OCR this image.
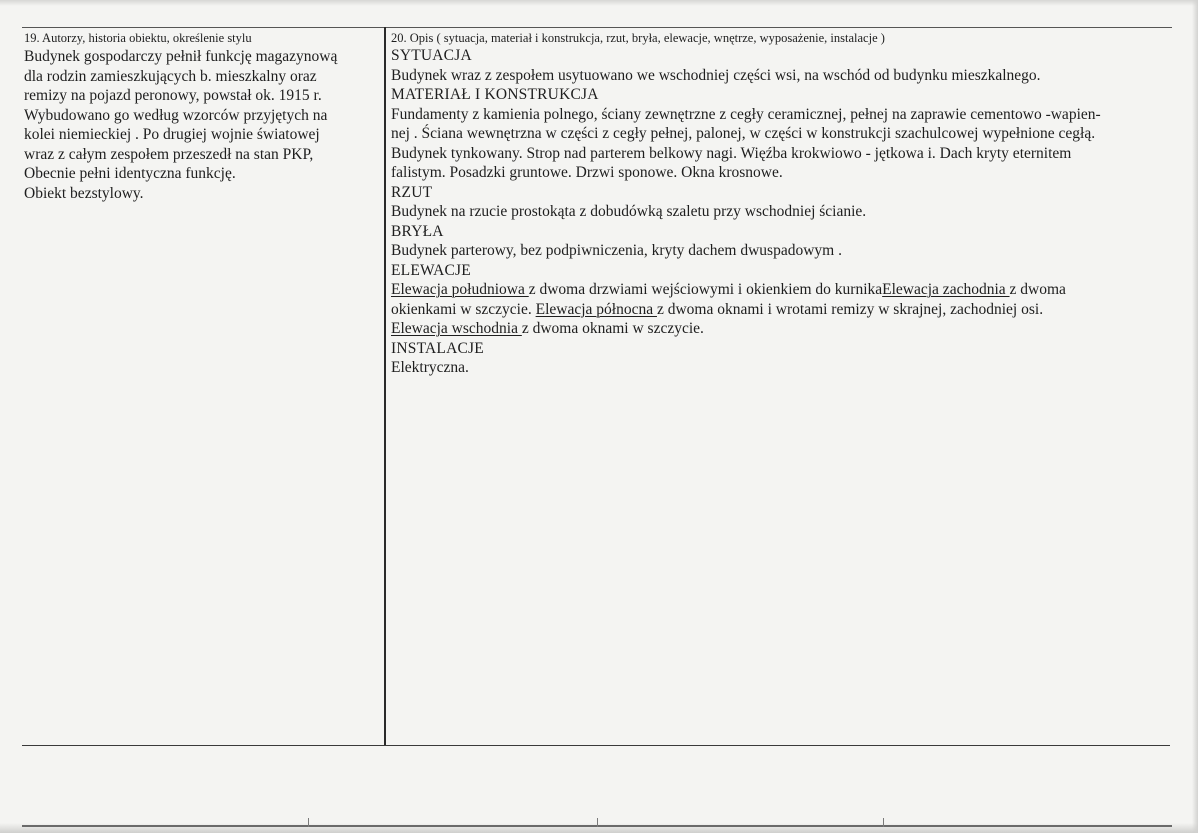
19. Autorzy, historia obiektu, określenie stylu

Budynek gospodarczy pełnił funkcję magazynową

dla rodzin zamieszkujących b. mieszkalny oraz

remizy na pojazd peronowy, powstał ok. 1915 r.

Wybudowano go według wzorców przyjętych na

kolei niemieckiej . Po drugiej wojnie światowej

wraz z całym zespołem przeszedł na stan PKP,

Obecnie pełni identyczna funkcję.

Obiekt bezstylowy.

20. Opis ( sytuacja, materiał i konstrukcja, rzut, bryła, elewacje, wnętrze, wyposażenie, instalacje )

SYTUACJA

Budynek wraz z zespołem usytuowano we wschodniej części wsi, na wschód od budynku mieszkalnego.

MATERIAŁ I KONSTRUKCJA

Fundamenty z kamienia polnego, ściany zewnętrzne z cegły ceramicznej, pełnej na zaprawie cementowo -wapien-

nej . Ściana wewnętrzna w części z cegły pełnej, palonej, w części w konstrukcji szachulcowej wypełnione cegłą.

Budynek tynkowany. Strop nad parterem belkowy nagi. Więźba krokwiowo - jętkowa i. Dach kryty eternitem

falistym. Posadzki gruntowe. Drzwi sponowe. Okna krosnowe.

RZUT

Budynek na rzucie prostokąta z dobudówką szaletu przy wschodniej ścianie.

BRYŁA

Budynek parterowy, bez podpiwniczenia, kryty dachem dwuspadowym .

ELEWACJE

Elewacja południowa z dwoma drzwiami wejściowymi i okienkiem do kurnikaElewacja zachodnia z dwoma

okienkami w szczycie. Elewacja północna z dwoma oknami i wrotami remizy w skrajnej, zachodniej osi.

Elewacja wschodnia z dwoma oknami w szczycie.

INSTALACJE

Elektryczna.
